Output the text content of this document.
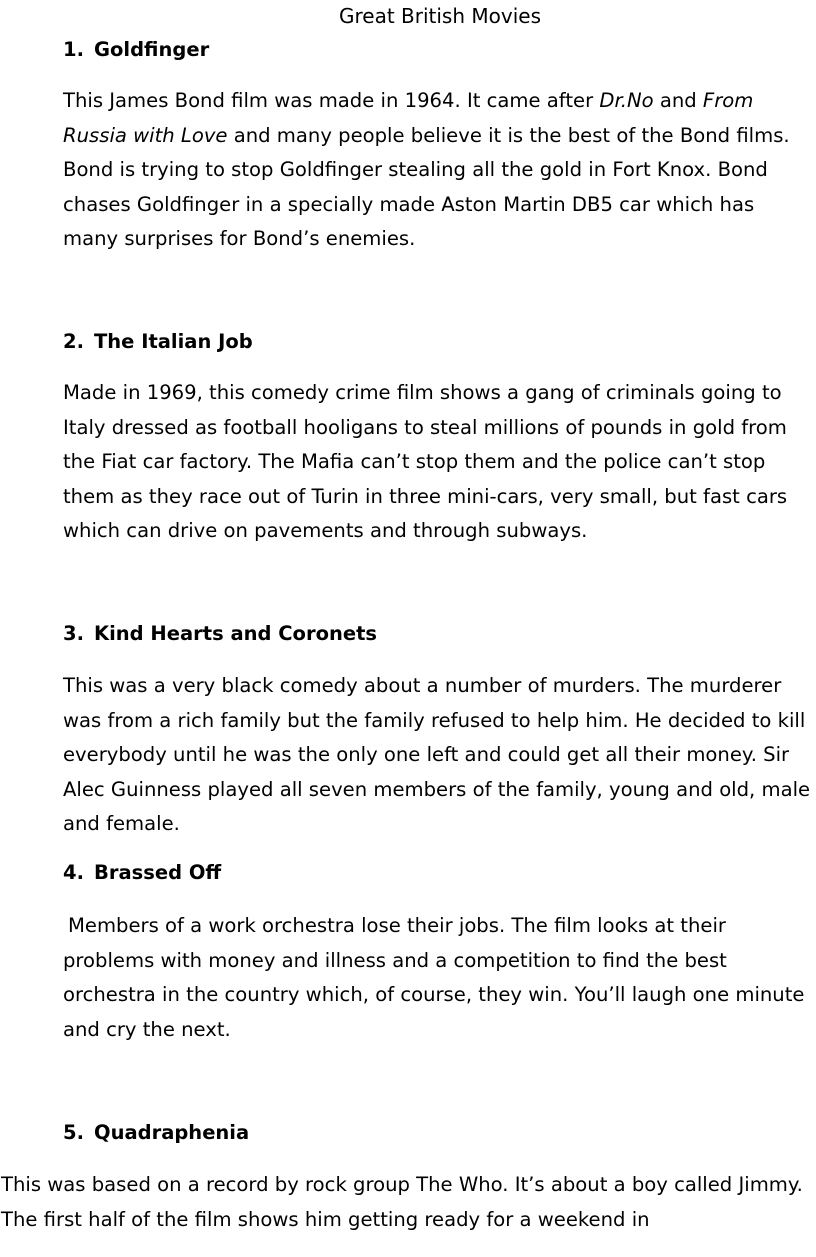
Great British Movies
1. Goldfinger

This James Bond film was made in 1964. It came after Dr.No and From
Russia with Love and many people believe it is the best of the Bond films.
Bond is trying to stop Goldfinger stealing all the gold in Fort Knox. Bond
chases Goldfinger in a specially made Aston Martin DB5 car which has
many surprises for Bond’s enemies.

2. The Italian Job

Made in 1969, this comedy crime film shows a gang of criminals going to
Italy dressed as football hooligans to steal millions of pounds in gold from
the Fiat car factory. The Mafia can’t stop them and the police can’t stop
them as they race out of Turin in three mini-cars, very small, but fast cars
which can drive on pavements and through subways.

3. Kind Hearts and Coronets

This was a very black comedy about a number of murders. The murderer
was from a rich family but the family refused to help him. He decided to kill
everybody until he was the only one left and could get all their money. Sir
Alec Guinness played all seven members of the family, young and old, male
and female.

4. Brassed Off

Members of a work orchestra lose their jobs. The film looks at their
problems with money and illness and a competition to find the best
orchestra in the country which, of course, they win. You’ll laugh one minute
and cry the next.

5. Quadraphenia

This was based on a record by rock group The Who. It’s about a boy called Jimmy.
The first half of the film shows him getting ready for a weekend in
